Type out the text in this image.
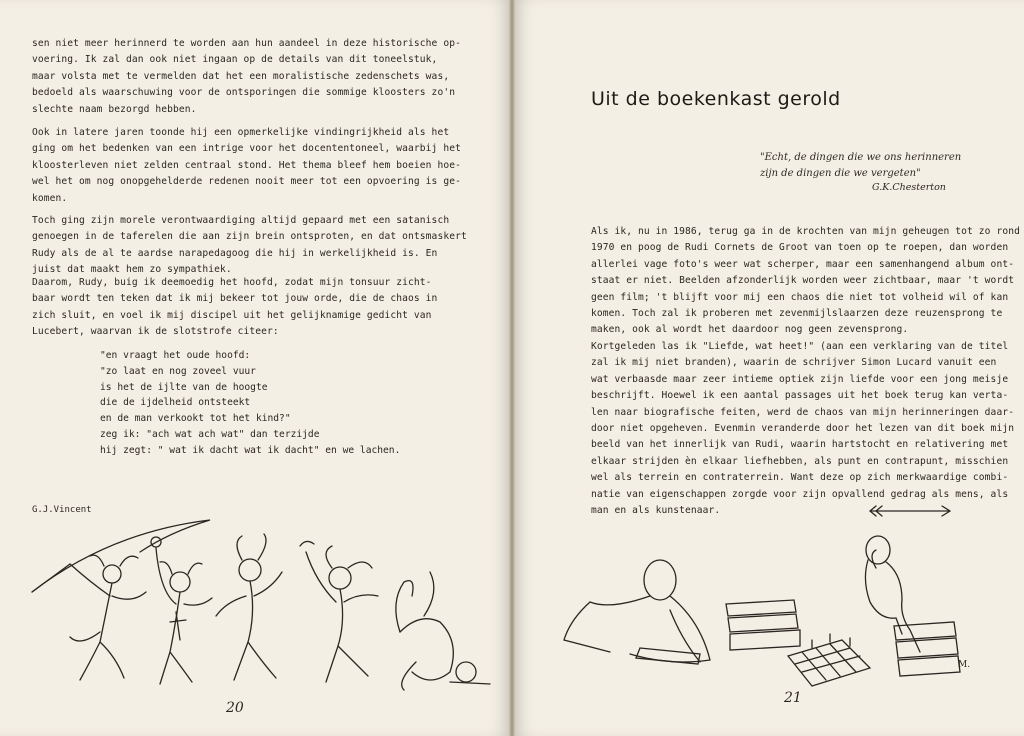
sen niet meer herinnerd te worden aan hun aandeel in deze historische op-
voering. Ik zal dan ook niet ingaan op de details van dit toneelstuk,
maar volsta met te vermelden dat het een moralistische zedenschets was,
bedoeld als waarschuwing voor de ontsporingen die sommige kloosters zo'n
slechte naam bezorgd hebben.

Ook in latere jaren toonde hij een opmerkelijke vindingrijkheid als het
ging om het bedenken van een intrige voor het docententoneel, waarbij het
kloosterleven niet zelden centraal stond. Het thema bleef hem boeien hoe-
wel het om nog onopgehelderde redenen nooit meer tot een opvoering is ge-
komen.

Toch ging zijn morele verontwaardiging altijd gepaard met een satanisch
genoegen in de taferelen die aan zijn brein ontsproten, en dat ontsmaskert
Rudy als de al te aardse narapedagoog die hij in werkelijkheid is. En
juist dat maakt hem zo sympathiek.

Daarom, Rudy, buig ik deemoedig het hoofd, zodat mijn tonsuur zicht-
baar wordt ten teken dat ik mij bekeer tot jouw orde, die de chaos in
zich sluit, en voel ik mij discipel uit het gelijknamige gedicht van
Lucebert, waarvan ik de slotstrofe citeer:

"en vraagt het oude hoofd:
"zo laat en nog zoveel vuur
is het de ijlte van de hoogte
die de ijdelheid ontsteekt
en de man verkookt tot het kind?"
zeg ik: "ach wat ach wat" dan terzijde
hij zegt: " wat ik dacht wat ik dacht" en we lachen.

G.J.Vincent

20

Uit de boekenkast gerold

"Echt, de dingen die we ons herinneren
zijn de dingen die we vergeten"

G.K.Chesterton

Als ik, nu in 1986, terug ga in de krochten van mijn geheugen tot zo rond
1970 en poog de Rudi Cornets de Groot van toen op te roepen, dan worden
allerlei vage foto's weer wat scherper, maar een samenhangend album ont-
staat er niet. Beelden afzonderlijk worden weer zichtbaar, maar 't wordt
geen film; 't blijft voor mij een chaos die niet tot volheid wil of kan
komen. Toch zal ik proberen met zevenmijlslaarzen deze reuzensprong te
maken, ook al wordt het daardoor nog geen zevensprong.

Kortgeleden las ik "Liefde, wat heet!" (aan een verklaring van de titel
zal ik mij niet branden), waarin de schrijver Simon Lucard vanuit een
wat verbaasde maar zeer intieme optiek zijn liefde voor een jong meisje
beschrijft. Hoewel ik een aantal passages uit het boek terug kan verta-
len naar biografische feiten, werd de chaos van mijn herinneringen daar-
door niet opgeheven. Evenmin veranderde door het lezen van dit boek mijn
beeld van het innerlijk van Rudi, waarin hartstocht en relativering met
elkaar strijden èn elkaar liefhebben, als punt en contrapunt, misschien
wel als terrein en contraterrein. Want deze op zich merkwaardige combi-
natie van eigenschappen zorgde voor zijn opvallend gedrag als mens, als
man en als kunstenaar.

21

M.
